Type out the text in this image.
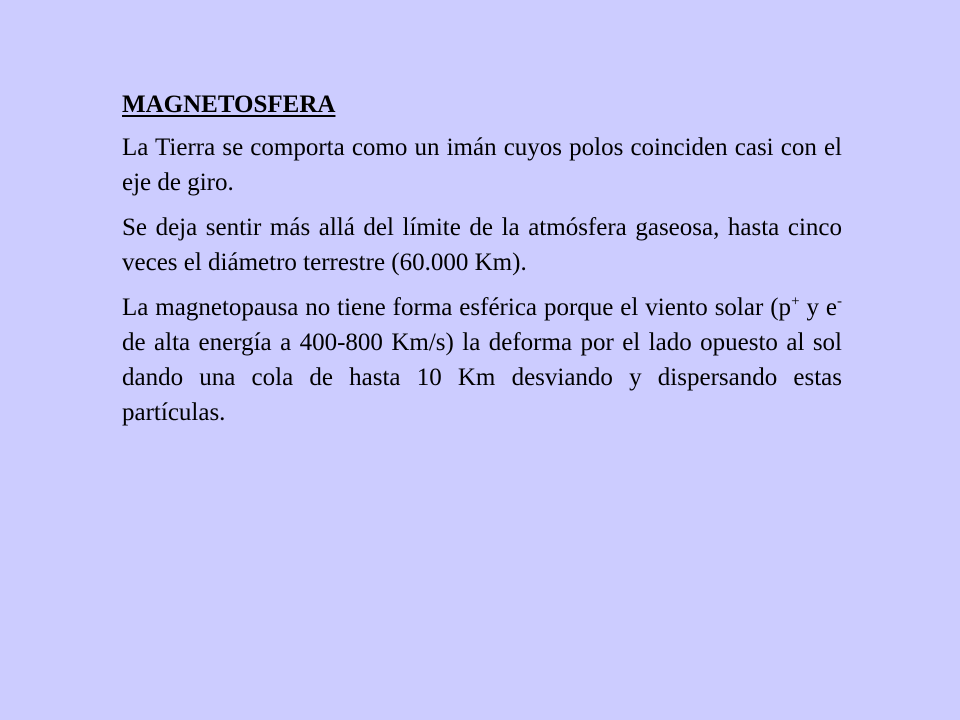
MAGNETOSFERA

La Tierra se comporta como un imán cuyos polos coinciden casi con el eje de giro.

Se deja sentir más allá del límite de la atmósfera gaseosa, hasta cinco veces el diámetro terrestre (60.000 Km).

La magnetopausa no tiene forma esférica porque el viento solar (p+ y e- de alta energía a 400-800 Km/s) la deforma por el lado opuesto al sol dando una cola de hasta 10 Km desviando y dispersando estas partículas.
